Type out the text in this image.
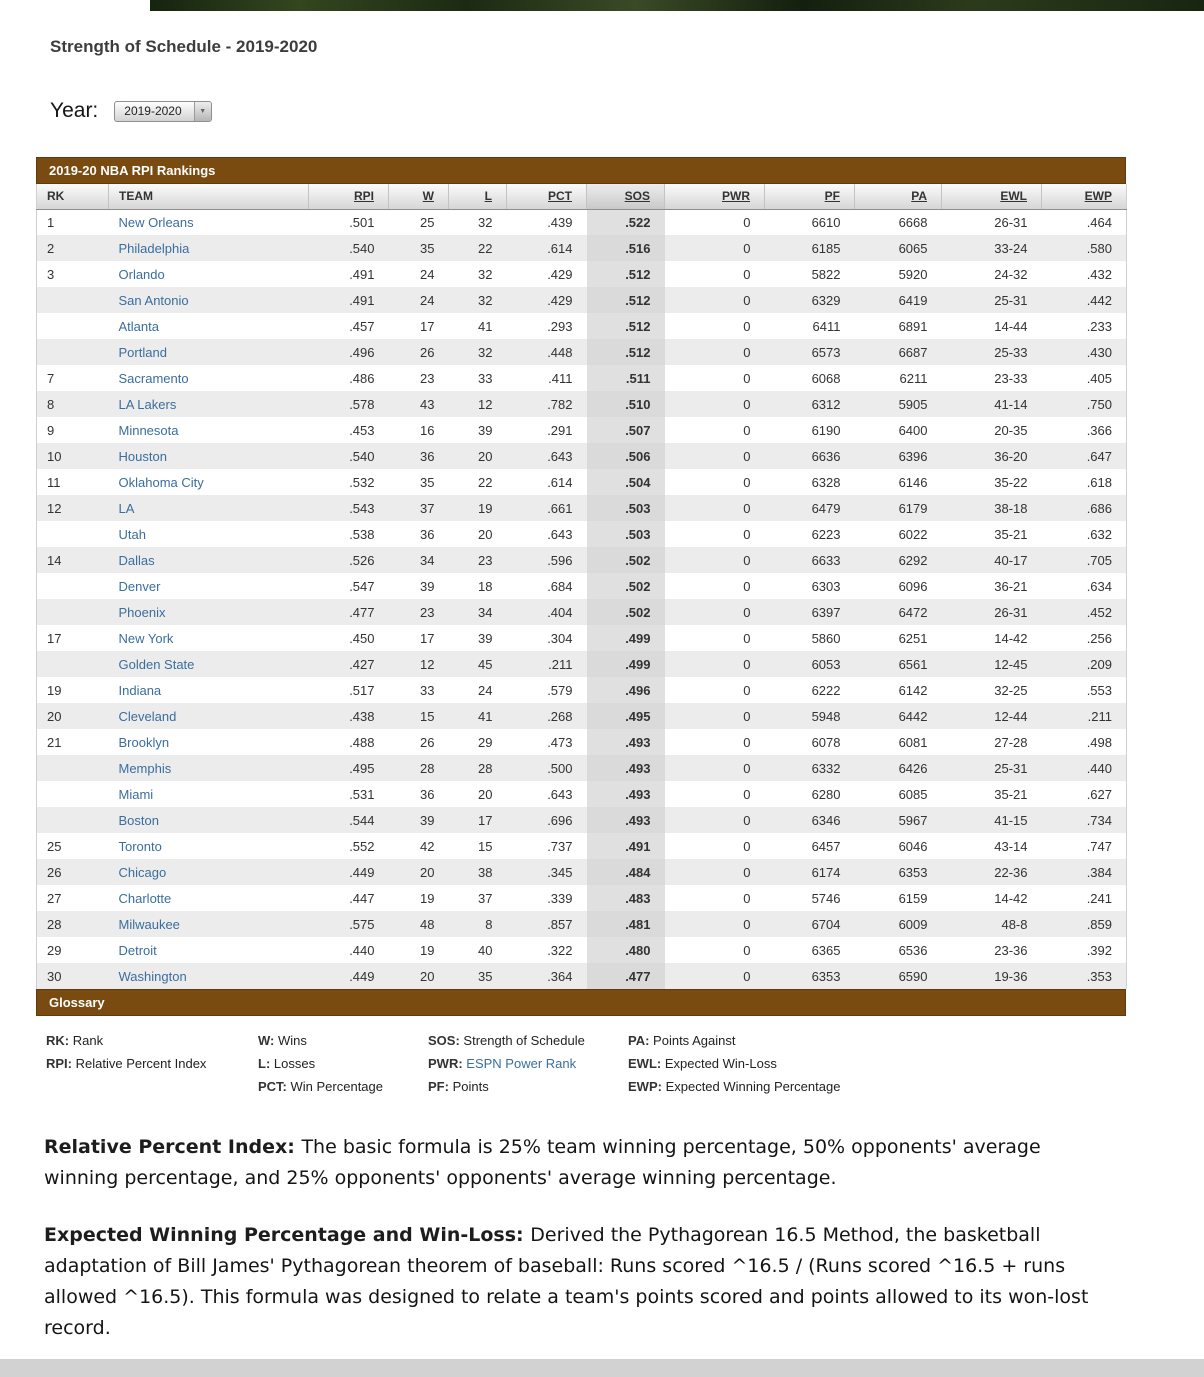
Strength of Schedule - 2019-2020
Year:	2019-2020	▼
2019-20 NBA RPI Rankings
RK	TEAM	RPI	W	L	PCT	SOS	PWR	PF	PA	EWL	EWP
1	New Orleans	.501	25	32	.439	.522	0	6610	6668	26-31	.464
2	Philadelphia	.540	35	22	.614	.516	0	6185	6065	33-24	.580
3	Orlando	.491	24	32	.429	.512	0	5822	5920	24-32	.432
	San Antonio	.491	24	32	.429	.512	0	6329	6419	25-31	.442
	Atlanta	.457	17	41	.293	.512	0	6411	6891	14-44	.233
	Portland	.496	26	32	.448	.512	0	6573	6687	25-33	.430
7	Sacramento	.486	23	33	.411	.511	0	6068	6211	23-33	.405
8	LA Lakers	.578	43	12	.782	.510	0	6312	5905	41-14	.750
9	Minnesota	.453	16	39	.291	.507	0	6190	6400	20-35	.366
10	Houston	.540	36	20	.643	.506	0	6636	6396	36-20	.647
11	Oklahoma City	.532	35	22	.614	.504	0	6328	6146	35-22	.618
12	LA	.543	37	19	.661	.503	0	6479	6179	38-18	.686
	Utah	.538	36	20	.643	.503	0	6223	6022	35-21	.632
14	Dallas	.526	34	23	.596	.502	0	6633	6292	40-17	.705
	Denver	.547	39	18	.684	.502	0	6303	6096	36-21	.634
	Phoenix	.477	23	34	.404	.502	0	6397	6472	26-31	.452
17	New York	.450	17	39	.304	.499	0	5860	6251	14-42	.256
	Golden State	.427	12	45	.211	.499	0	6053	6561	12-45	.209
19	Indiana	.517	33	24	.579	.496	0	6222	6142	32-25	.553
20	Cleveland	.438	15	41	.268	.495	0	5948	6442	12-44	.211
21	Brooklyn	.488	26	29	.473	.493	0	6078	6081	27-28	.498
	Memphis	.495	28	28	.500	.493	0	6332	6426	25-31	.440
	Miami	.531	36	20	.643	.493	0	6280	6085	35-21	.627
	Boston	.544	39	17	.696	.493	0	6346	5967	41-15	.734
25	Toronto	.552	42	15	.737	.491	0	6457	6046	43-14	.747
26	Chicago	.449	20	38	.345	.484	0	6174	6353	22-36	.384
27	Charlotte	.447	19	37	.339	.483	0	5746	6159	14-42	.241
28	Milwaukee	.575	48	8	.857	.481	0	6704	6009	48-8	.859
29	Detroit	.440	19	40	.322	.480	0	6365	6536	23-36	.392
30	Washington	.449	20	35	.364	.477	0	6353	6590	19-36	.353
Glossary
RK: Rank
RPI: Relative Percent Index
W: Wins
L: Losses
PCT: Win Percentage
SOS: Strength of Schedule
PWR: ESPN Power Rank
PF: Points
PA: Points Against
EWL: Expected Win-Loss
EWP: Expected Winning Percentage

Relative Percent Index: The basic formula is 25% team winning percentage, 50% opponents' average winning percentage, and 25% opponents' opponents' average winning percentage.

Expected Winning Percentage and Win-Loss: Derived the Pythagorean 16.5 Method, the basketball adaptation of Bill James' Pythagorean theorem of baseball: Runs scored ^16.5 / (Runs scored ^16.5 + runs allowed ^16.5). This formula was designed to relate a team's points scored and points allowed to its won-lost record.
